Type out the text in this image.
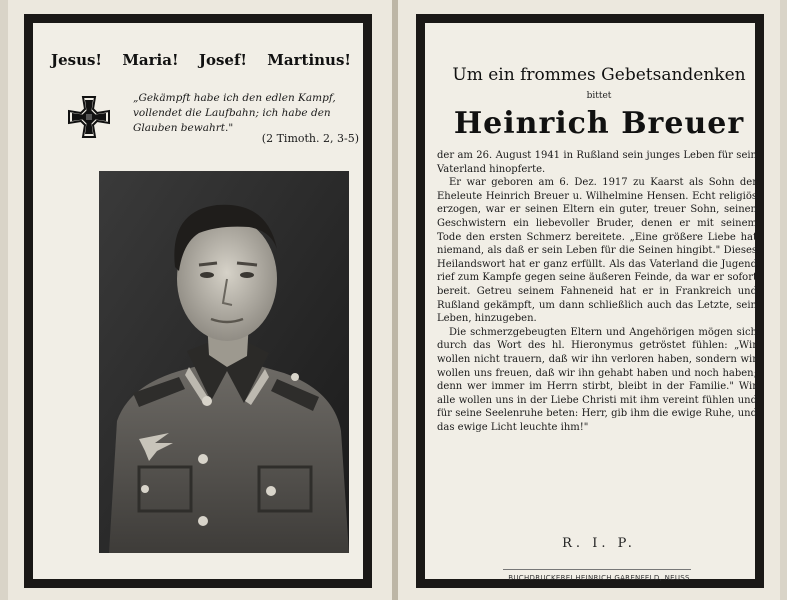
Jesus! Maria! Josef! Martinus!
„Gekämpft habe ich den edlen Kampf, vollendet die Laufbahn; ich habe den Glauben bewahrt."
(2 Timoth. 2, 3-5)
Um ein frommes Gebetsandenken
bittet
Heinrich Breuer

der am 26. August 1941 in Rußland sein junges Leben für sein Vaterland hinopferte.

Er war geboren am 6. Dez. 1917 zu Kaarst als Sohn der Eheleute Heinrich Breuer u. Wilhelmine Hensen. Echt religiös erzogen, war er seinen Eltern ein guter, treuer Sohn, seinen Geschwistern ein liebevoller Bruder, denen er mit seinem Tode den ersten Schmerz bereitete. „Eine größere Liebe hat niemand, als daß er sein Leben für die Seinen hingibt." Dieses Heilandswort hat er ganz erfüllt. Als das Vaterland die Jugend rief zum Kampfe gegen seine äußeren Feinde, da war er sofort bereit. Getreu seinem Fahneneid hat er in Frankreich und Rußland gekämpft, um dann schließlich auch das Letzte, sein Leben, hinzugeben.

Die schmerzgebeugten Eltern und Angehörigen mögen sich durch das Wort des hl. Hieronymus getröstet fühlen: „Wir wollen nicht trauern, daß wir ihn verloren haben, sondern wir wollen uns freuen, daß wir ihn gehabt haben und noch haben; denn wer immer im Herrn stirbt, bleibt in der Familie." Wir alle wollen uns in der Liebe Christi mit ihm vereint fühlen und für seine Seelenruhe beten: Herr, gib ihm die ewige Ruhe, und das ewige Licht leuchte ihm!"

R. I. P.
BUCHDRUCKEREI HEINRICH GARENFELD, NEUSS
